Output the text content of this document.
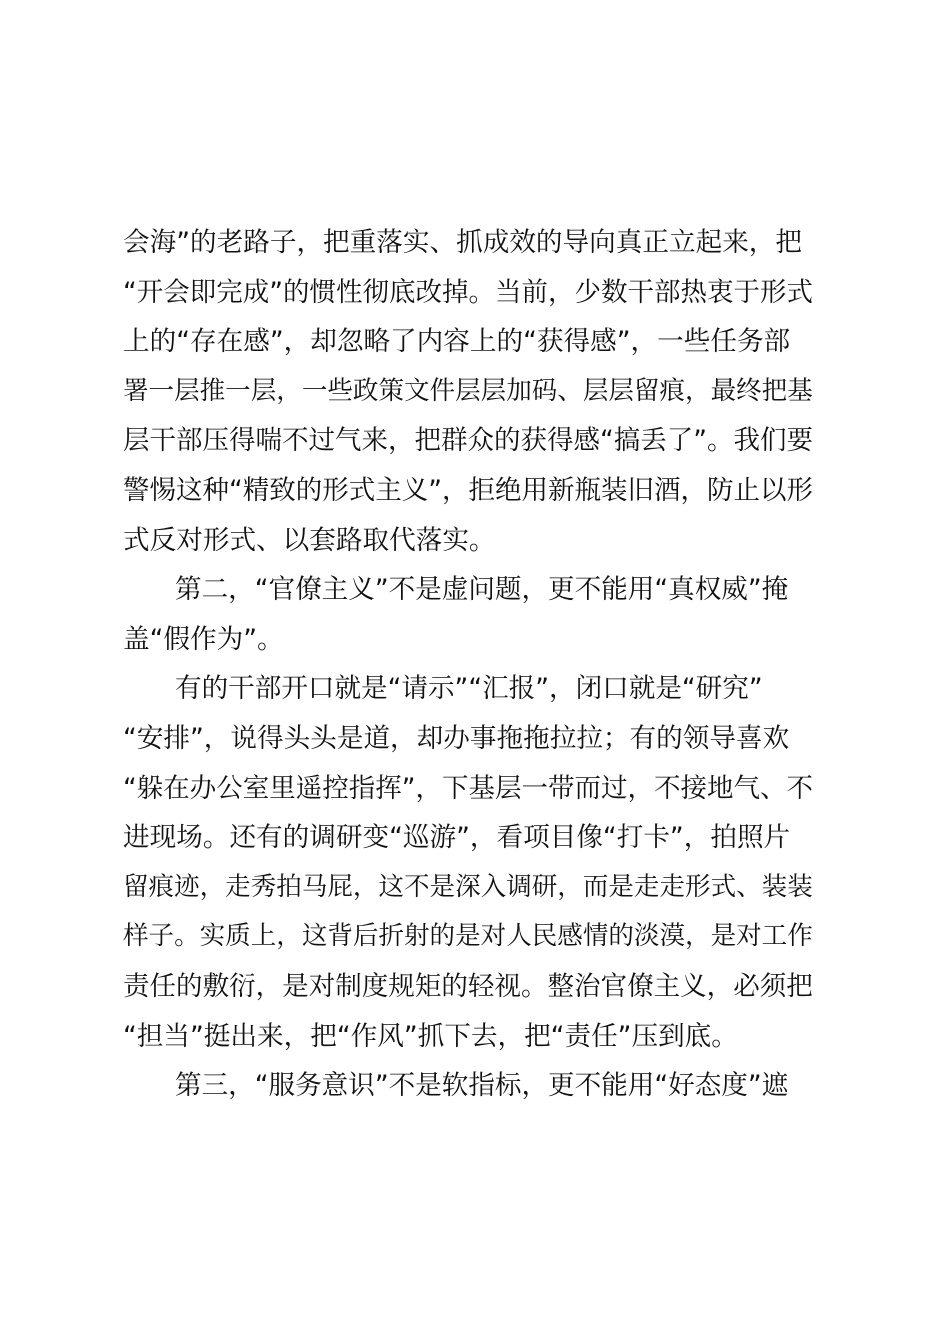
会海”的老路子，把重落实、抓成效的导向真正立起来，把
“开会即完成”的惯性彻底改掉。当前，少数干部热衷于形式
上的“存在感”，却忽略了内容上的“获得感”，一些任务部
署一层推一层，一些政策文件层层加码、层层留痕，最终把基
层干部压得喘不过气来，把群众的获得感“搞丢了”。我们要
警惕这种“精致的形式主义”，拒绝用新瓶装旧酒，防止以形
式反对形式、以套路取代落实。
第二，“官僚主义”不是虚问题，更不能用“真权威”掩
盖“假作为”。
有的干部开口就是“请示”“汇报”，闭口就是“研究”
“安排”，说得头头是道，却办事拖拖拉拉；有的领导喜欢
“躲在办公室里遥控指挥”，下基层一带而过，不接地气、不
进现场。还有的调研变“巡游”，看项目像“打卡”，拍照片
留痕迹，走秀拍马屁，这不是深入调研，而是走走形式、装装
样子。实质上，这背后折射的是对人民感情的淡漠，是对工作
责任的敷衍，是对制度规矩的轻视。整治官僚主义，必须把
“担当”挺出来，把“作风”抓下去，把“责任”压到底。
第三，“服务意识”不是软指标，更不能用“好态度”遮
